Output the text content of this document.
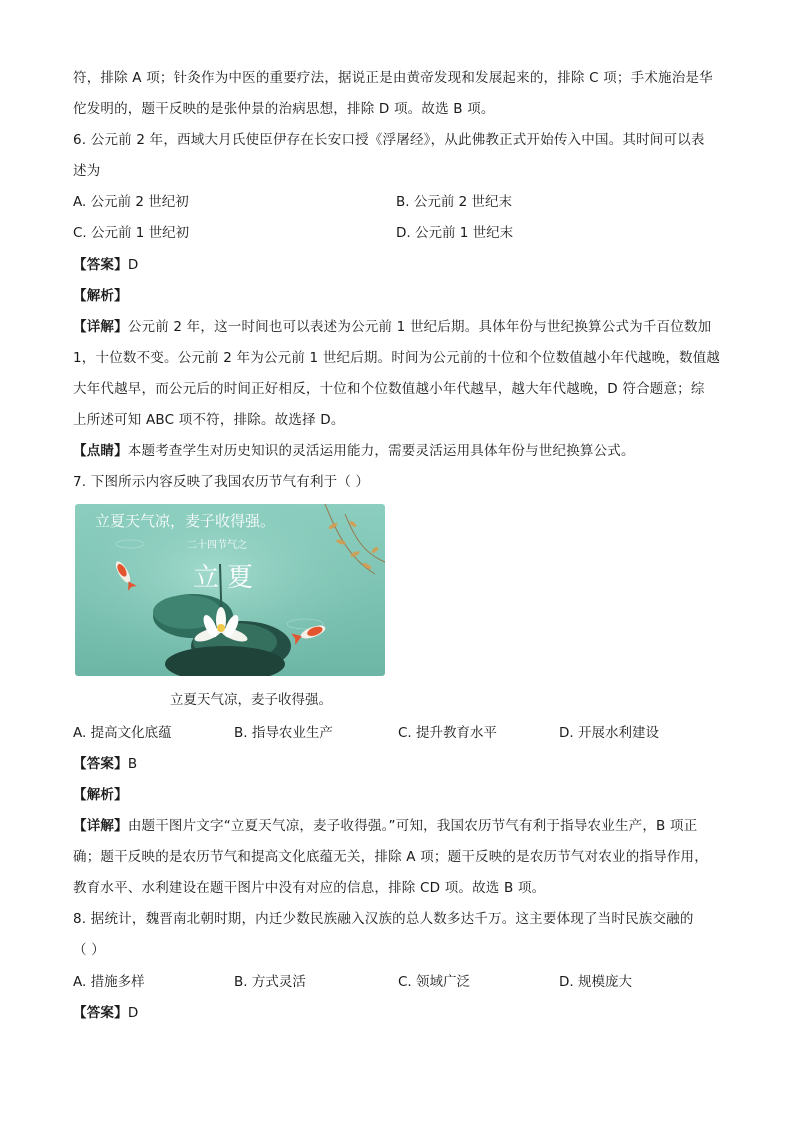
符，排除 A 项；针灸作为中医的重要疗法，据说正是由黄帝发现和发展起来的，排除 C 项；手术施治是华
佗发明的，题干反映的是张仲景的治病思想，排除 D 项。故选 B 项。
6. 公元前 2 年，西域大月氏使臣伊存在长安口授《浮屠经》，从此佛教正式开始传入中国。其时间可以表
述为
A. 公元前 2 世纪初	B. 公元前 2 世纪末
C. 公元前 1 世纪初	D. 公元前 1 世纪末
【答案】D
【解析】
【详解】公元前 2 年，这一时间也可以表述为公元前 1 世纪后期。具体年份与世纪换算公式为千百位数加
1，十位数不变。公元前 2 年为公元前 1 世纪后期。时间为公元前的十位和个位数值越小年代越晚，数值越
大年代越早，而公元后的时间正好相反，十位和个位数值越小年代越早，越大年代越晚，D 符合题意；综
上所述可知 ABC 项不符，排除。故选择 D。
【点睛】本题考查学生对历史知识的灵活运用能力，需要灵活运用具体年份与世纪换算公式。
7. 下图所示内容反映了我国农历节气有利于（ ）
立夏天气凉，麦子收得强。
二十四节气之
立夏
立夏天气凉，麦子收得强。
A. 提高文化底蕴	B. 指导农业生产	C. 提升教育水平	D. 开展水利建设
【答案】B
【解析】
【详解】由题干图片文字“立夏天气凉，麦子收得强。”可知，我国农历节气有利于指导农业生产，B 项正
确；题干反映的是农历节气和提高文化底蕴无关，排除 A 项；题干反映的是农历节气对农业的指导作用，
教育水平、水利建设在题干图片中没有对应的信息，排除 CD 项。故选 B 项。
8. 据统计，魏晋南北朝时期，内迁少数民族融入汉族的总人数多达千万。这主要体现了当时民族交融的
（ ）
A. 措施多样	B. 方式灵活	C. 领域广泛	D. 规模庞大
【答案】D
